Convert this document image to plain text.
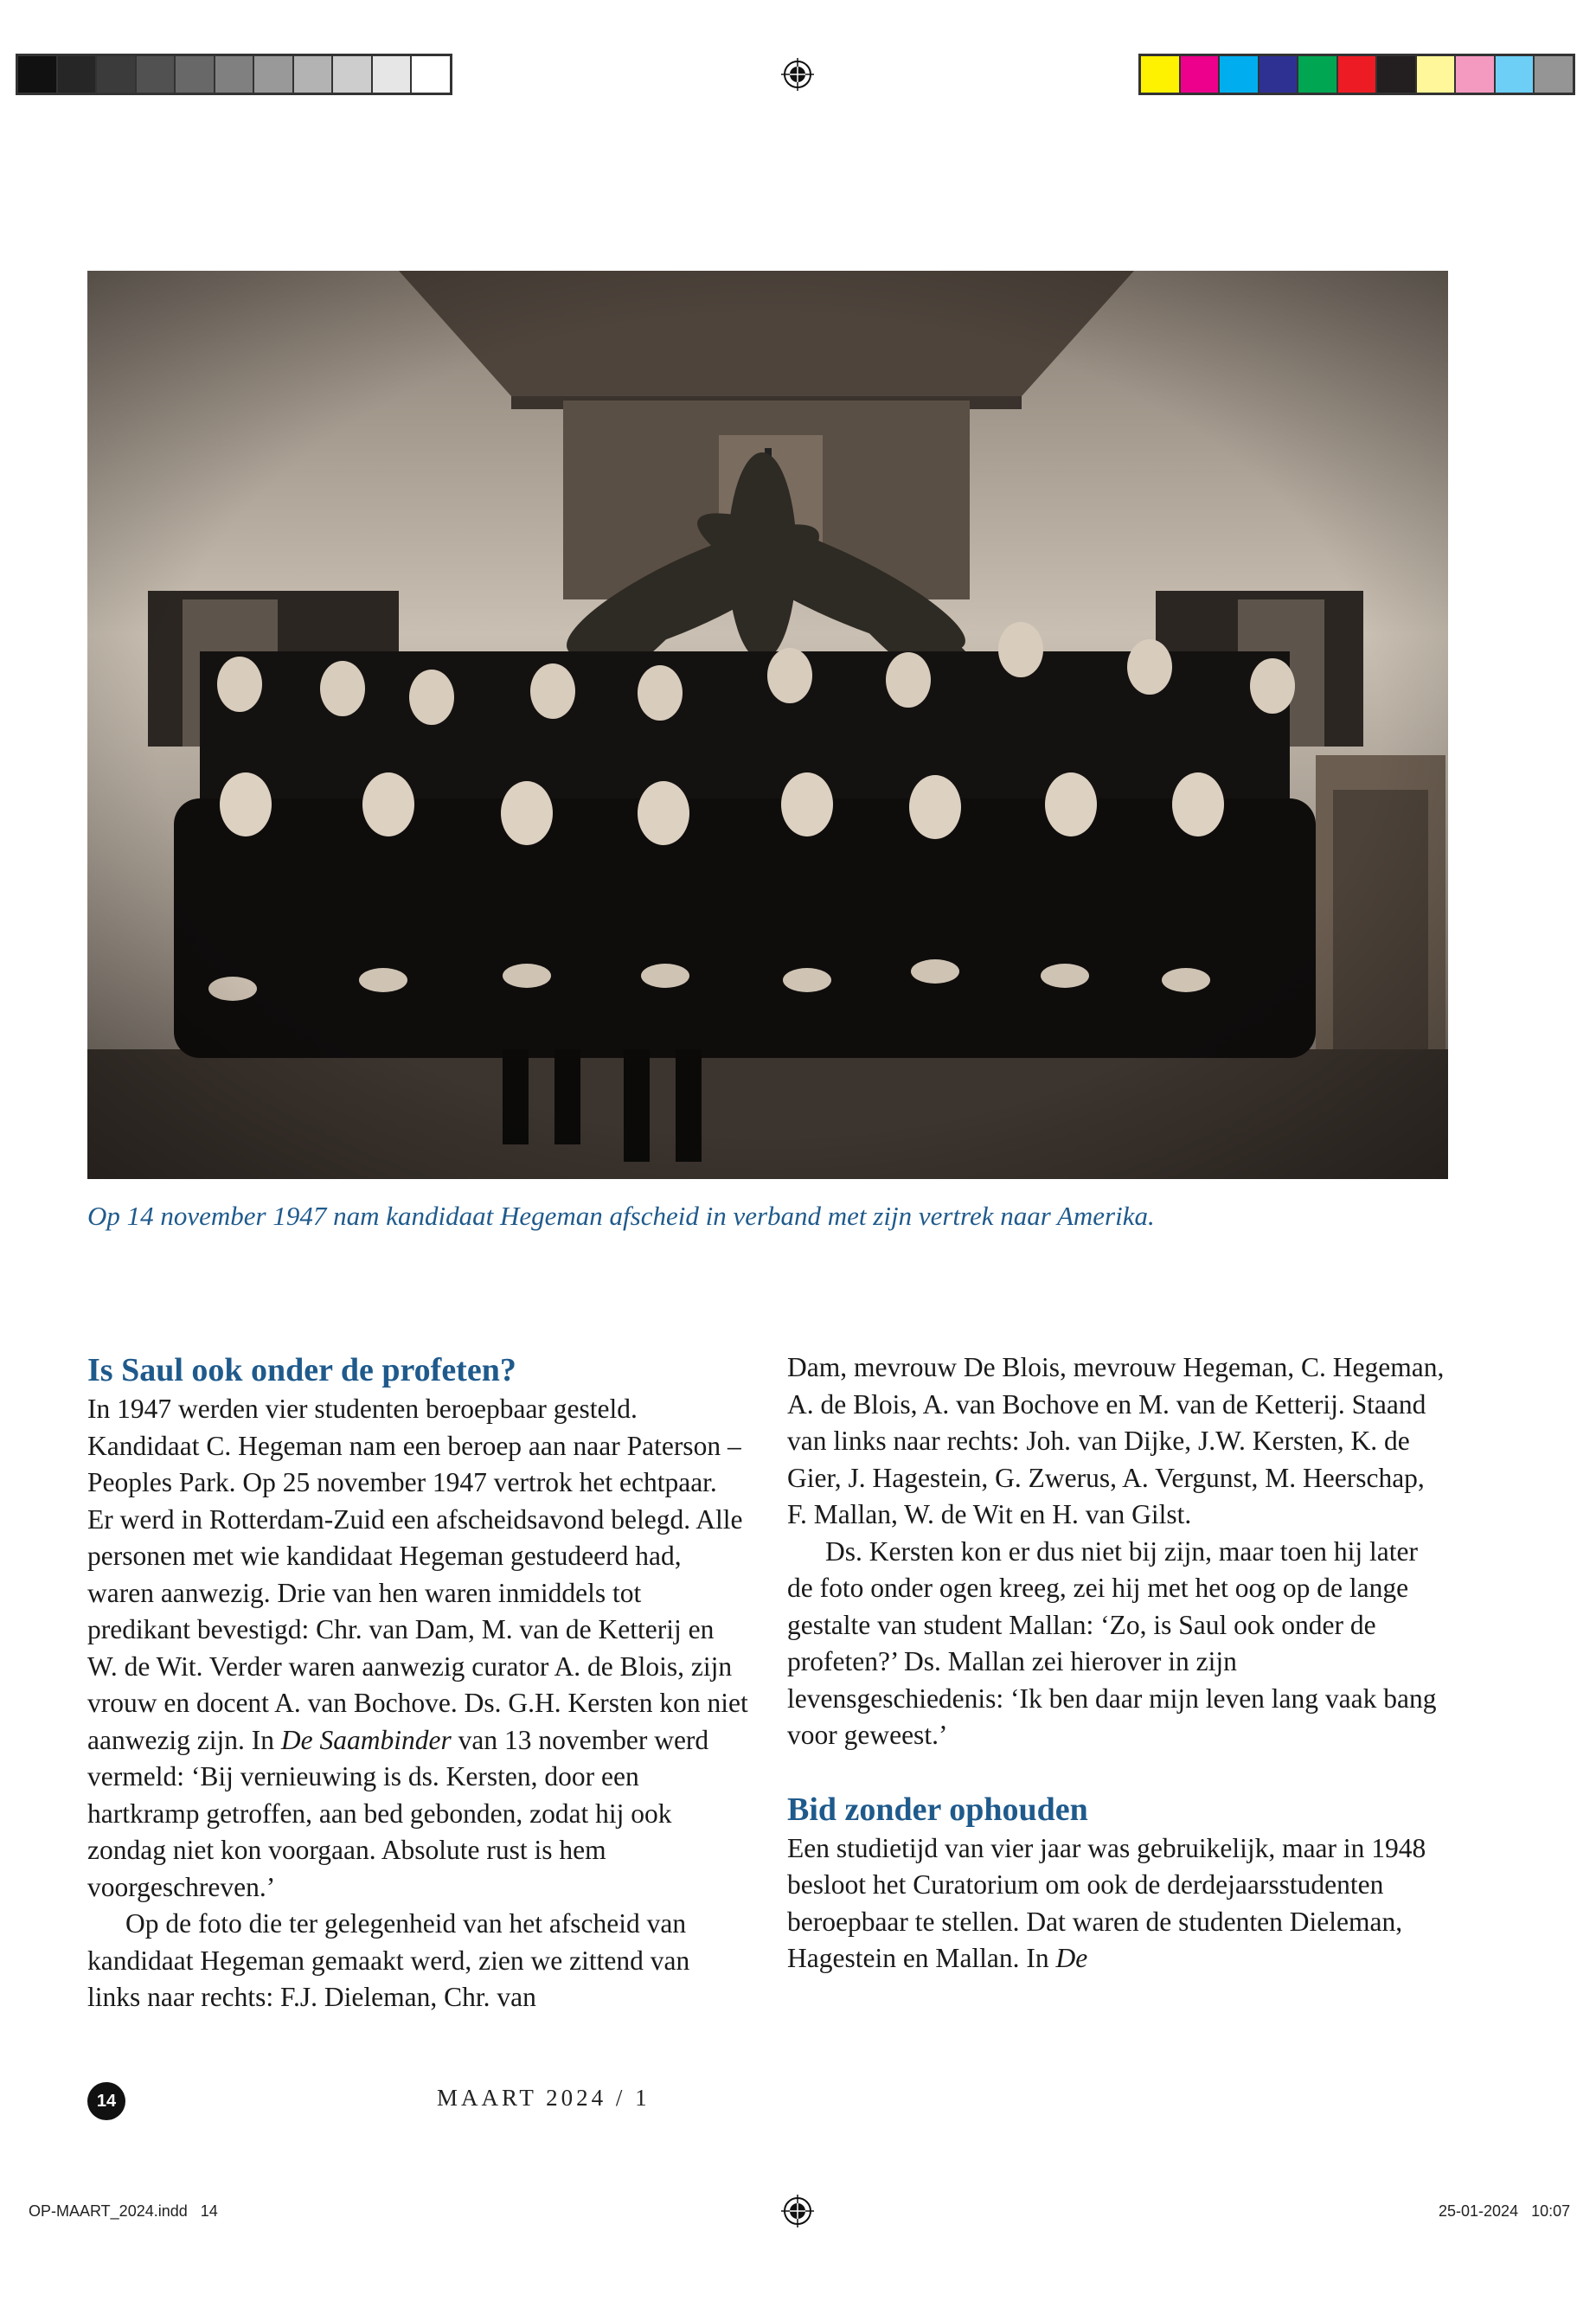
Op 14 november 1947 nam kandidaat Hegeman afscheid in verband met zijn vertrek naar Amerika.
Is Saul ook onder de profeten?

In 1947 werden vier studenten beroepbaar gesteld. Kandidaat C. Hegeman nam een beroep aan naar Paterson – Peoples Park. Op 25 november 1947 vertrok het echtpaar. Er werd in Rotterdam-Zuid een afscheidsavond belegd. Alle personen met wie kandidaat Hegeman gestudeerd had, waren aanwezig. Drie van hen waren inmiddels tot predikant bevestigd: Chr. van Dam, M. van de Ketterij en W. de Wit. Verder waren aanwezig curator A. de Blois, zijn vrouw en docent A. van Bochove. Ds. G.H. Kersten kon niet aanwezig zijn. In De Saambinder van 13 november werd vermeld: ‘Bij vernieuwing is ds. Kersten, door een hartkramp getroffen, aan bed gebonden, zodat hij ook zondag niet kon voorgaan. Absolute rust is hem voorgeschreven.’

Op de foto die ter gelegenheid van het afscheid van kandidaat Hegeman gemaakt werd, zien we zittend van links naar rechts: F.J. Dieleman, Chr. van

Dam, mevrouw De Blois, mevrouw Hegeman, C. Hegeman, A. de Blois, A. van Bochove en M. van de Ketterij. Staand van links naar rechts: Joh. van Dijke, J.W. Kersten, K. de Gier, J. Hagestein, G. Zwerus, A. Vergunst, M. Heerschap, F. Mallan, W. de Wit en H. van Gilst.

Ds. Kersten kon er dus niet bij zijn, maar toen hij later de foto onder ogen kreeg, zei hij met het oog op de lange gestalte van student Mallan: ‘Zo, is Saul ook onder de profeten?’ Ds. Mallan zei hierover in zijn levensgeschiedenis: ‘Ik ben daar mijn leven lang vaak bang voor geweest.’

Bid zonder ophouden

Een studietijd van vier jaar was gebruikelijk, maar in 1948 besloot het Curatorium om ook de derdejaarsstudenten beroepbaar te stellen. Dat waren de studenten Dieleman, Hagestein en Mallan. In De

14	MAART 2024 / 1
OP-MAART_2024.indd   14	25-01-2024   10:07
